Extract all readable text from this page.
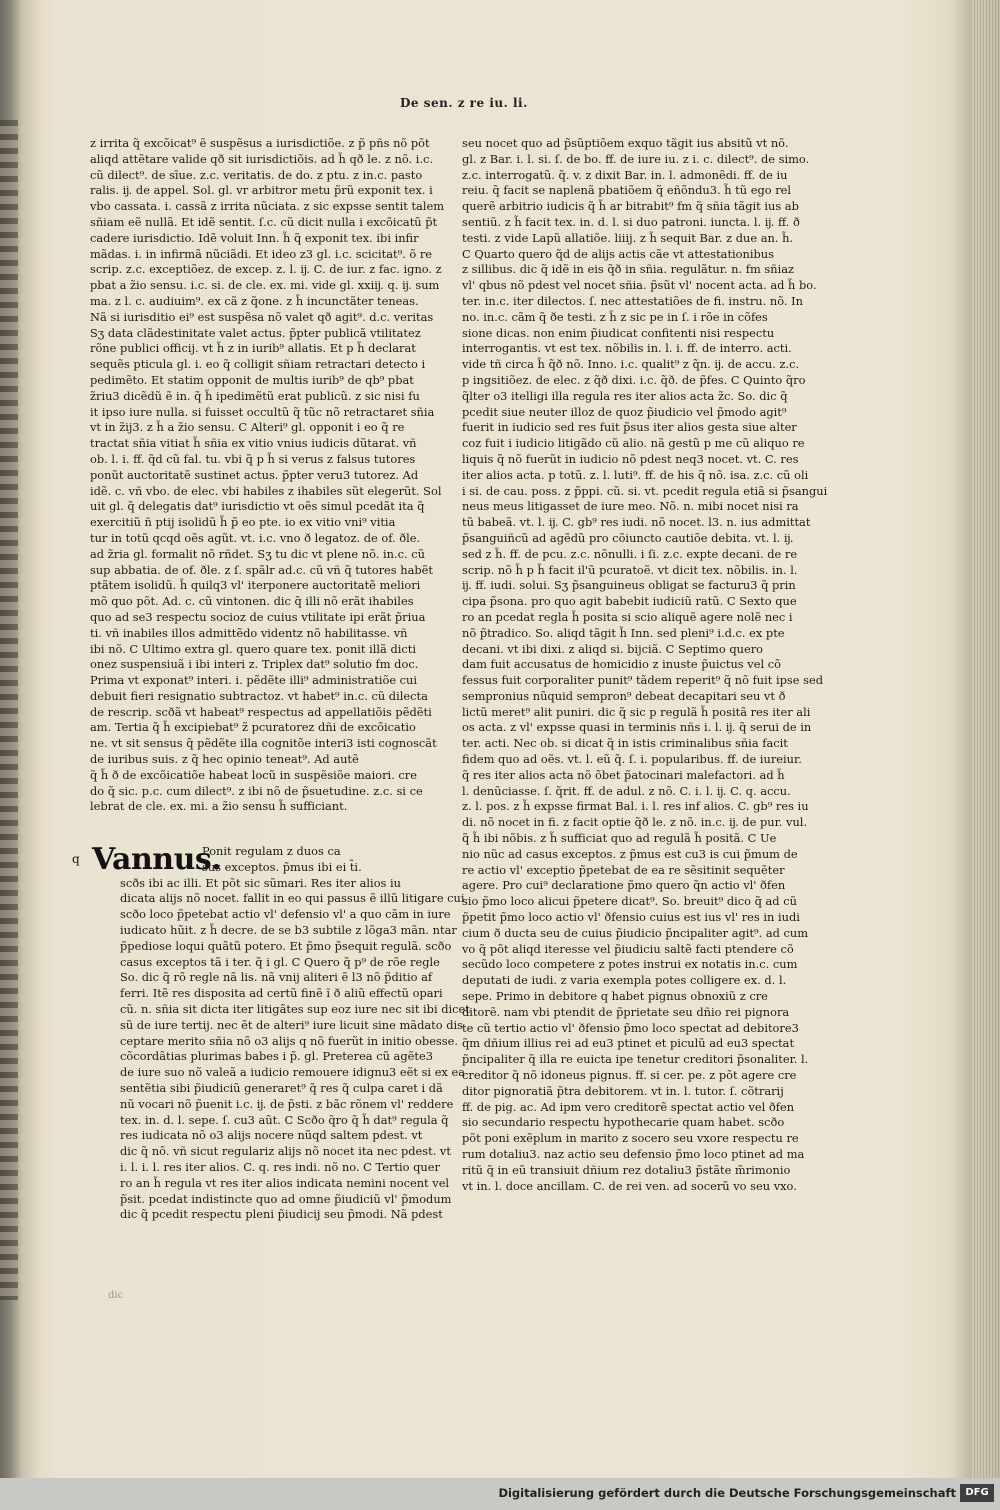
De sen. z re iu. li.
z irrita q̃ excõicat⁹ ẽ suspẽsus a iurisdictiõe. z p̃ pñs nõ põt
aliqd attẽtare valide qð sit iurisdictiõis. ad h̃ qð le. z nõ. i.c.
cũ dilect⁹. de sīue. z.c. veritatis. de do. z ptu. z in.c. pasto
ralis. ĳ. de appel. Sol. gl. vr arbitror metu p̃rũ exponit tex. i
vbo cassata. i. cassã z irrita nũciata. z sic expsse sentit talem
sñiam eẽ nullã. Et idẽ sentit. ſ.c. cũ dicit nulla i excõicatũ p̃t
cadere iurisdictio. Idẽ voluit Inn. h̃ q̃ exponit tex. ibi infir
mãdas. i. in infirmã nũciãdi. Et ideo z3 gl. i.c. scicitat⁹. õ re
scrip. z.c. exceptiõez. de excep. z. l. ĳ. C. de iur. z fac. igno. z
pbat a z̃io sensu. i.c. si. de cle. ex. mi. vide gl. xxiĳ. q. ĳ. sum
ma. z l. c. audiuim⁹. ex cã z q̃one. z h̃ incunctãter teneas.
Nã si iurisditio ei⁹ est suspẽsa nõ valet qð agit⁹. d.c. veritas
Sʒ data clãdestinitate valet actus. p̃pter publicã vtilitatez
rõne publici officij. vt h̃ z in iurib⁹ allatis. Et p h̃ declarat
sequẽs pticula gl. i. eo q̃ colligit sñiam retractari detecto i
pedimẽto. Et statim opponit de multis iurib⁹ de qb⁹ pbat
z̃riu3 dicẽdũ ẽ in. q̃ h̃ ipedimẽtũ erat publicũ. z sic nisi fu
it ipso iure nulla. si fuisset occultũ q̃ tũc nõ retractaret sñia
vt in z̃ij3. z h̃ a z̃io sensu. C Alteri⁹ gl. opponit i eo q̃ re
tractat sñia vitiat h̃ sñia ex vitio vnius iudicis dũtarat. vñ
ob. l. i. ff. q̃d cũ fal. tu. vbi q̃ p h̃ si verus z falsus tutores
ponũt auctoritatẽ sustinet actus. p̃pter veru3 tutorez. Ad
idẽ. c. vñ vbo. de elec. vbi habiles z ihabiles sũt elegerũt. Sol
uit gl. q̃ delegatis dat⁹ iurisdictio vt oẽs simul pcedãt ita q̃
exercitiũ n̄ ptij isolidũ h̃ p̃ eo pte. io ex vitio vni⁹ vitia
tur in totũ qcqd oẽs agũt. vt. i.c. vno ð legatoz. de of. ðle.
ad z̃ria gl. formalit nõ rñdet. Sʒ tu dic vt plene nõ. in.c. cũ
sup abbatia. de of. ðle. z ſ. spãlr ad.c. cũ vñ q̃ tutores habẽt
ptãtem isolidũ. h̃ quilq3 vl' iterponere auctoritatẽ meliori
mõ quo põt. Ad. c. cũ vintonen. dic q̃ illi nõ erãt ihabiles
quo ad se3 respectu socioz de cuius vtilitate ipi erãt p̃riua
ti. vñ inabiles illos admittẽdo videntz nõ habilitasse. vñ
ibi nõ. C Ultimo extra gl. quero quare tex. ponit illã dicti
onez suspensiuã i ibi interi z. Triplex dat⁹ solutio fm doc.
Prima vt exponat⁹ interi. i. pẽdẽte illi⁹ administratiõe cui
debuit fieri resignatio subtractoz. vt habet⁹ in.c. cũ dilecta
de rescrip. scðã vt habeat⁹ respectus ad appellatiõis pẽdẽti
am. Tertia q̃ h̃ excipiebat⁹ z̃ pcuratorez dñi de excõicatio
ne. vt sit sensus q̃ pẽdẽte illa cognitõe interi3 isti cognoscãt
de iuribus suis. z q̃ hec opinio teneat⁹. Ad autẽ
q̃ h̃ ð de excõicatiõe habeat locũ in suspẽsiõe maiori. cre
do q̃ sic. p.c. cum dilect⁹. z ibi nõ de p̃suetudine. z.c. si ce
lebrat de cle. ex. mi. a z̃io sensu h̃ sufficiant.
q Vannus.
Ponit regulam z duos ca
sus exceptos. p̃mus ibi ei t̃i.
scðs ibi ac illi. Et põt sic sũmari. Res iter alios iu
dicata alijs nõ nocet. fallit in eo qui passus ẽ illũ litigare cui
scðo loco p̃petebat actio vl' defensio vl' a quo cãm in iure
iudicato hũit. z h̃ decre. de se b3 subtile z lõga3 mãn. ntar
p̃pediose loqui quãtũ potero. Et p̃mo p̃sequit regulã. scðo
casus exceptos tã i ter. q̃ i gl. C Quero q̃ p⁹ de rõe regle
So. dic q̃ rõ regle nã lis. nã vnij aliteri ẽ l3 nõ p̃ditio af
ferri. Itẽ res disposita ad certũ finẽ ĩ ð aliũ effectũ opari
cũ. n. sñia sit dicta iter litigãtes sup eoz iure nec sit ibi dicet
sũ de iure tertij. nec ẽt de alteri⁹ iure licuit sine mãdato dis
ceptare merito sñia nõ o3 alijs q nõ fuerũt in initio obesse.
cõcordãtias plurimas babes i p̃. gl. Preterea cũ agẽte3
de iure suo nõ valeã a iudicio remouere idignu3 eẽt si ex ea
sentẽtia sibi p̃iudiciũ generaret⁹ q̃ res q̃ culpa caret i dã
nũ vocari nõ p̃uenit i.c. ĳ. de p̃sti. z bãc rõnem vl' reddere
tex. in. d. l. sepe. ſ. cu3 aũt. C Scðo q̃ro q̃ h̃ dat⁹ regula q̃
res iudicata nõ o3 alijs nocere nũqd saltem pdest. vt
dic q̃ nõ. vñ sicut regulariz alijs nõ nocet ita nec pdest. vt
i. l. i. l. res iter alios. C. q. res indi. nõ no. C Tertio quer
ro an h̃ regula vt res iter alios indicata nemini nocent vel
p̃sit. pcedat indistincte quo ad omne p̃iudiciũ vl' p̃modum
dic q̃ pcedit respectu pleni p̃iudicij seu p̃modi. Nã pdest
dic
seu nocet quo ad p̃sũptiõem exquo tãgit ius absitũ vt nõ.
gl. z Bar. i. l. si. ſ. de bo. ff. de iure iu. z i. c. dilect⁹. de simo.
z.c. interrogatũ. q̃. v. z dixit Bar. in. l. admonẽdi. ff. de iu
reiu. q̃ facit se naplenã pbatiõem q̃ eñõndu3. h̃ tũ ego rel
querẽ arbitrio iudicis q̃ h̃ ar bitrabit⁹ fm q̃ sñia tãgit ius ab
sentiũ. z h̃ facit tex. in. d. l. si duo patroni. iuncta. l. ĳ. ff. ð
testi. z vide Lapũ allatiõe. liiij. z h̃ sequit Bar. z due an. h̃.
C Quarto quero q̃d de alijs actis cãe vt attestationibus
z sillibus. dic q̃ idẽ in eis q̃ð in sñia. regulãtur. n. fm sñiaz
vl' qbus nõ pdest vel nocet sñia. p̃sũt vl' nocent acta. ad h̃ bo.
ter. in.c. iter dilectos. ſ. nec attestatiões de fi. instru. nõ. In
no. in.c. cãm q̃ ðe testi. z h̃ z sic pe in ſ. i rõe in cõfes
sione dicas. non enim p̃iudicat confitenti nisi respectu
interrogantis. vt est tex. nõbilis in. l. i. ff. de interro. acti.
vide tñ circa h̃ q̃ð nõ. Inno. i.c. qualit⁹ z q̃n. ĳ. de accu. z.c.
p ingsitiõez. de elec. z q̃ð dixi. i.c. q̃ð. de p̃fes. C Quinto q̃ro
q̃lter o3 itelligi illa regula res iter alios acta z̃c. So. dic q̃
pcedit siue neuter illoz de quoz p̃iudicio vel p̃modo agit⁹
fuerit in iudicio sed res fuit p̃sus iter alios gesta siue alter
coz fuit i iudicio litigãdo cũ alio. nã gestũ p me cũ aliquo re
liquis q̃ nõ fuerũt in iudicio nõ pdest neq3 nocet. vt. C. res
iter alios acta. p totũ. z. l. luti⁹. ff. de his q̃ nõ. isa. z.c. cũ oli
i si. de cau. poss. z p̃ppi. cũ. si. vt. pcedit regula etiã si p̃sangui
neus meus litigasset de iure meo. Nõ. n. mibi nocet nisi ra
tũ babeã. vt. l. ĳ. C. gb⁹ res iudi. nõ nocet. l3. n. ius admittat
p̃sanguiñcũ ad agẽdũ pro cõiuncto cautiõe debita. vt. l. ĳ.
sed z h̃. ff. de pcu. z.c. nõnulli. i ſi. z.c. expte decani. de re
scrip. nõ h̃ p h̃ facit il'ũ pcuratoẽ. vt dicit tex. nõbilis. in. l.
ĳ. ff. iudi. solui. Sʒ p̃sanguineus obligat se facturu3 q̃ prin
cipa p̃sona. pro quo agit babebit iudiciũ ratũ. C Sexto que
ro an pcedat regla h̃ posita si scio aliquẽ agere nolẽ nec i
nõ p̃tradico. So. aliqd tãgit h̃ Inn. sed pleni⁹ i.d.c. ex pte
decani. vt ibi dixi. z aliqd si. bijciã. C Septimo quero
dam fuit accusatus de homicidio z inuste p̃uictus vel cõ
fessus fuit corporaliter punit⁹ tãdem reperit⁹ q̃ nõ fuit ipse sed
sempronius nũquid sempron⁹ debeat decapitari seu vt ð
lictũ meret⁹ alit puniri. dic q̃ sic p regulã h̃ positã res iter ali
os acta. z vl' expsse quasi in terminis nñs i. l. ĳ. q̃ serui de in
ter. acti. Nec ob. si dicat q̃ in istis criminalibus sñia facit
fidem quo ad oẽs. vt. l. eũ q̃. ſ. i. popularibus. ff. de iureiur.
q̃ res iter alios acta nõ õbet p̃atocinari malefactori. ad h̃
l. denũciasse. ſ. q̃rit. ff. de adul. z nõ. C. i. l. ĳ. C. q. accu.
z. l. pos. z h̃ expsse firmat Bal. i. l. res inf alios. C. gb⁹ res iu
di. nõ nocet in fi. z facit optie q̃ð le. z nõ. in.c. ĳ. de pur. vul.
q̃ h̃ ibi nõbis. z h̃ sufficiat quo ad regulã h̃ positã. C Ue
nio nũc ad casus exceptos. z p̃mus est cu3 is cui p̃mum de
re actio vl' exceptio p̃petebat de ea re sẽsitinit sequẽter
agere. Pro cui⁹ declaratione p̃mo quero q̃n actio vl' ðfen
sio p̃mo loco alicui p̃petere dicat⁹. So. breuit⁹ dico q̃ ad cũ
p̃petit p̃mo loco actio vl' ðfensio cuius est ius vl' res in iudi
cium ð ducta seu de cuius p̃iudicio p̃ncipaliter agit⁹. ad cum
vo q̃ põt aliqd iteresse vel p̃iudiciu saltẽ facti ptendere cõ
secũdo loco competere z potes instrui ex notatis in.c. cum
deputati de iudi. z varia exempla potes colligere ex. d. l.
sepe. Primo in debitore q habet pignus obnoxiũ z cre
ditorẽ. nam vbi ptendit de p̃prietate seu dñio rei pignora
te cũ tertio actio vl' ðfensio p̃mo loco spectat ad debitore3
q̃m dñium illius rei ad eu3 ptinet et piculũ ad eu3 spectat
p̃ncipaliter q̃ illa re euicta ipe tenetur creditori p̃sonaliter. l.
creditor q̃ nõ idoneus pignus. ff. si cer. pe. z põt agere cre
ditor pignoratiã p̃tra debitorem. vt in. l. tutor. ſ. cõtrarij
ff. de pig. ac. Ad ipm vero creditorẽ spectat actio vel ðfen
sio secundario respectu hypothecarie quam habet. scðo
põt poni exẽplum in marito z socero seu vxore respectu re
rum dotaliu3. naz actio seu defensio p̃mo loco ptinet ad ma
ritũ q̃ in eũ transiuit dñium rez dotaliu3 p̃stãte m̃rimonio
vt in. l. doce ancillam. C. de rei ven. ad socerũ vo seu vxo.
Digitalisierung gefördert durch die Deutsche Forschungsgemeinschaft DFG
